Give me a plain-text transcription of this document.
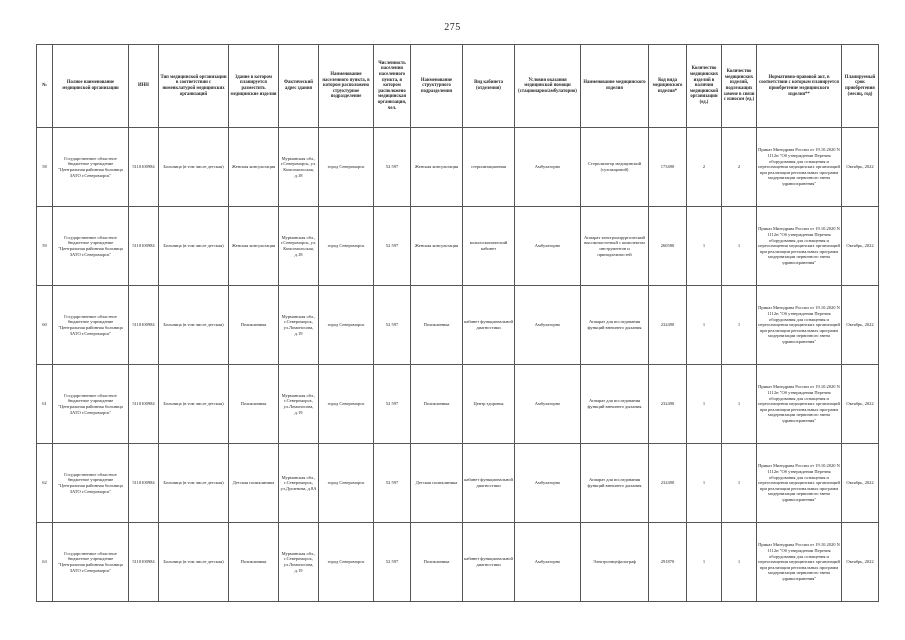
275
№	Полное наименование медицинской организации	ИНН	Тип медицинской организации в соответствии с номенклатурой медицинских организаций	Здание в котором планируется разместить медицинские изделия	Фактический адрес здания	Наименование населенного пункта, в котором расположено структурное подразделение	Численность населения населенного пункта, в котором расположено медицинская организация, чел.	Наименование структурного подразделения	Вид кабинета (отделения)	Условия оказания медицинской помощи (стационарно/амбулаторно)	Наименование медицинского изделия	Код вида медицинского изделия*	Количество медицинских изделий в наличии медицинской организации (ед.)	Количество медицинских изделий, подлежащих замене в связи с износом (ед.)	Нормативно-правовой акт, в соответствии с которым планируется приобретение медицинского изделия**	Планируемый срок приобретения (месяц, год)
58	Государственное областное бюджетное учреждение "Центральная районная больница ЗАТО г.Североморск"	5110100984	Больница (в том числе детская)	Женская консультация	Мурманская обл., г.Североморск, ул. Комсомольская, д.18	город Североморск	52 597	Женская консультация	стерилизационная	Амбулаторно	Стерилизатор медицинский (сухожаровой)	173490	2	2	Приказ Минздрава России от 19.10.2020 N 1112н "Об утверждении Перечня оборудования для оснащения и переоснащения медицинских организаций при реализации региональных программ модернизации первичного звена здравоохранения"	Октябрь, 2022
59	Государственное областное бюджетное учреждение "Центральная районная больница ЗАТО г.Североморск"	5110100984	Больница (в том числе детская)	Женская консультация	Мурманская обл., г.Североморск, ул. Комсомольская, д.18	город Североморск	52 597	Женская консультация	кольпоскопический кабинет	Амбулаторно	Аппарат электрохирургический высокочастотный с комплектом инструментов и принадлежностей	260580	1	1	Приказ Минздрава России от 19.10.2020 N 1112н "Об утверждении Перечня оборудования для оснащения и переоснащения медицинских организаций при реализации региональных программ модернизации первичного звена здравоохранения"	Октябрь, 2022
60	Государственное областное бюджетное учреждение "Центральная районная больница ЗАТО г.Североморск"	5110100984	Больница (в том числе детская)	Поликлиника	Мурманская обл., г.Североморск, ул.Ломоносова, д.19	город Североморск	52 597	Поликлиника	кабинет функциональной диагностики	Амбулаторно	Аппарат для исследования функций внешнего дыхания	232490	1	1	Приказ Минздрава России от 19.10.2020 N 1112н "Об утверждении Перечня оборудования для оснащения и переоснащения медицинских организаций при реализации региональных программ модернизации первичного звена здравоохранения"	Октябрь, 2022
61	Государственное областное бюджетное учреждение "Центральная районная больница ЗАТО г.Североморск"	5110100984	Больница (в том числе детская)	Поликлиника	Мурманская обл., г.Североморск, ул.Ломоносова, д.19	город Североморск	52 597	Поликлиника	Центр здоровья	Амбулаторно	Аппарат для исследования функций внешнего дыхания	232490	1	1	Приказ Минздрава России от 19.10.2020 N 1112н "Об утверждении Перечня оборудования для оснащения и переоснащения медицинских организаций при реализации региональных программ модернизации первичного звена здравоохранения"	Октябрь, 2022
62	Государственное областное бюджетное учреждение "Центральная районная больница ЗАТО г.Североморск"	5110100984	Больница (в том числе детская)	Детская поликлиника	Мурманская обл., г.Североморск, ул.Душенова, д.8А	город Североморск	52 597	Детская поликлиника	кабинет функциональной диагностики	Амбулаторно	Аппарат для исследования функций внешнего дыхания	232490	1	1	Приказ Минздрава России от 19.10.2020 N 1112н "Об утверждении Перечня оборудования для оснащения и переоснащения медицинских организаций при реализации региональных программ модернизации первичного звена здравоохранения"	Октябрь, 2022
63	Государственное областное бюджетное учреждение "Центральная районная больница ЗАТО г.Североморск"	5110100984	Больница (в том числе детская)	Поликлиника	Мурманская обл., г.Североморск, ул.Ломоносова, д.19	город Североморск	52 597	Поликлиника	кабинет функциональной диагностики	Амбулаторно	Электроэнцефалограф	291870	1	1	Приказ Минздрава России от 19.10.2020 N 1112н "Об утверждении Перечня оборудования для оснащения и переоснащения медицинских организаций при реализации региональных программ модернизации первичного звена здравоохранения"	Октябрь, 2022
